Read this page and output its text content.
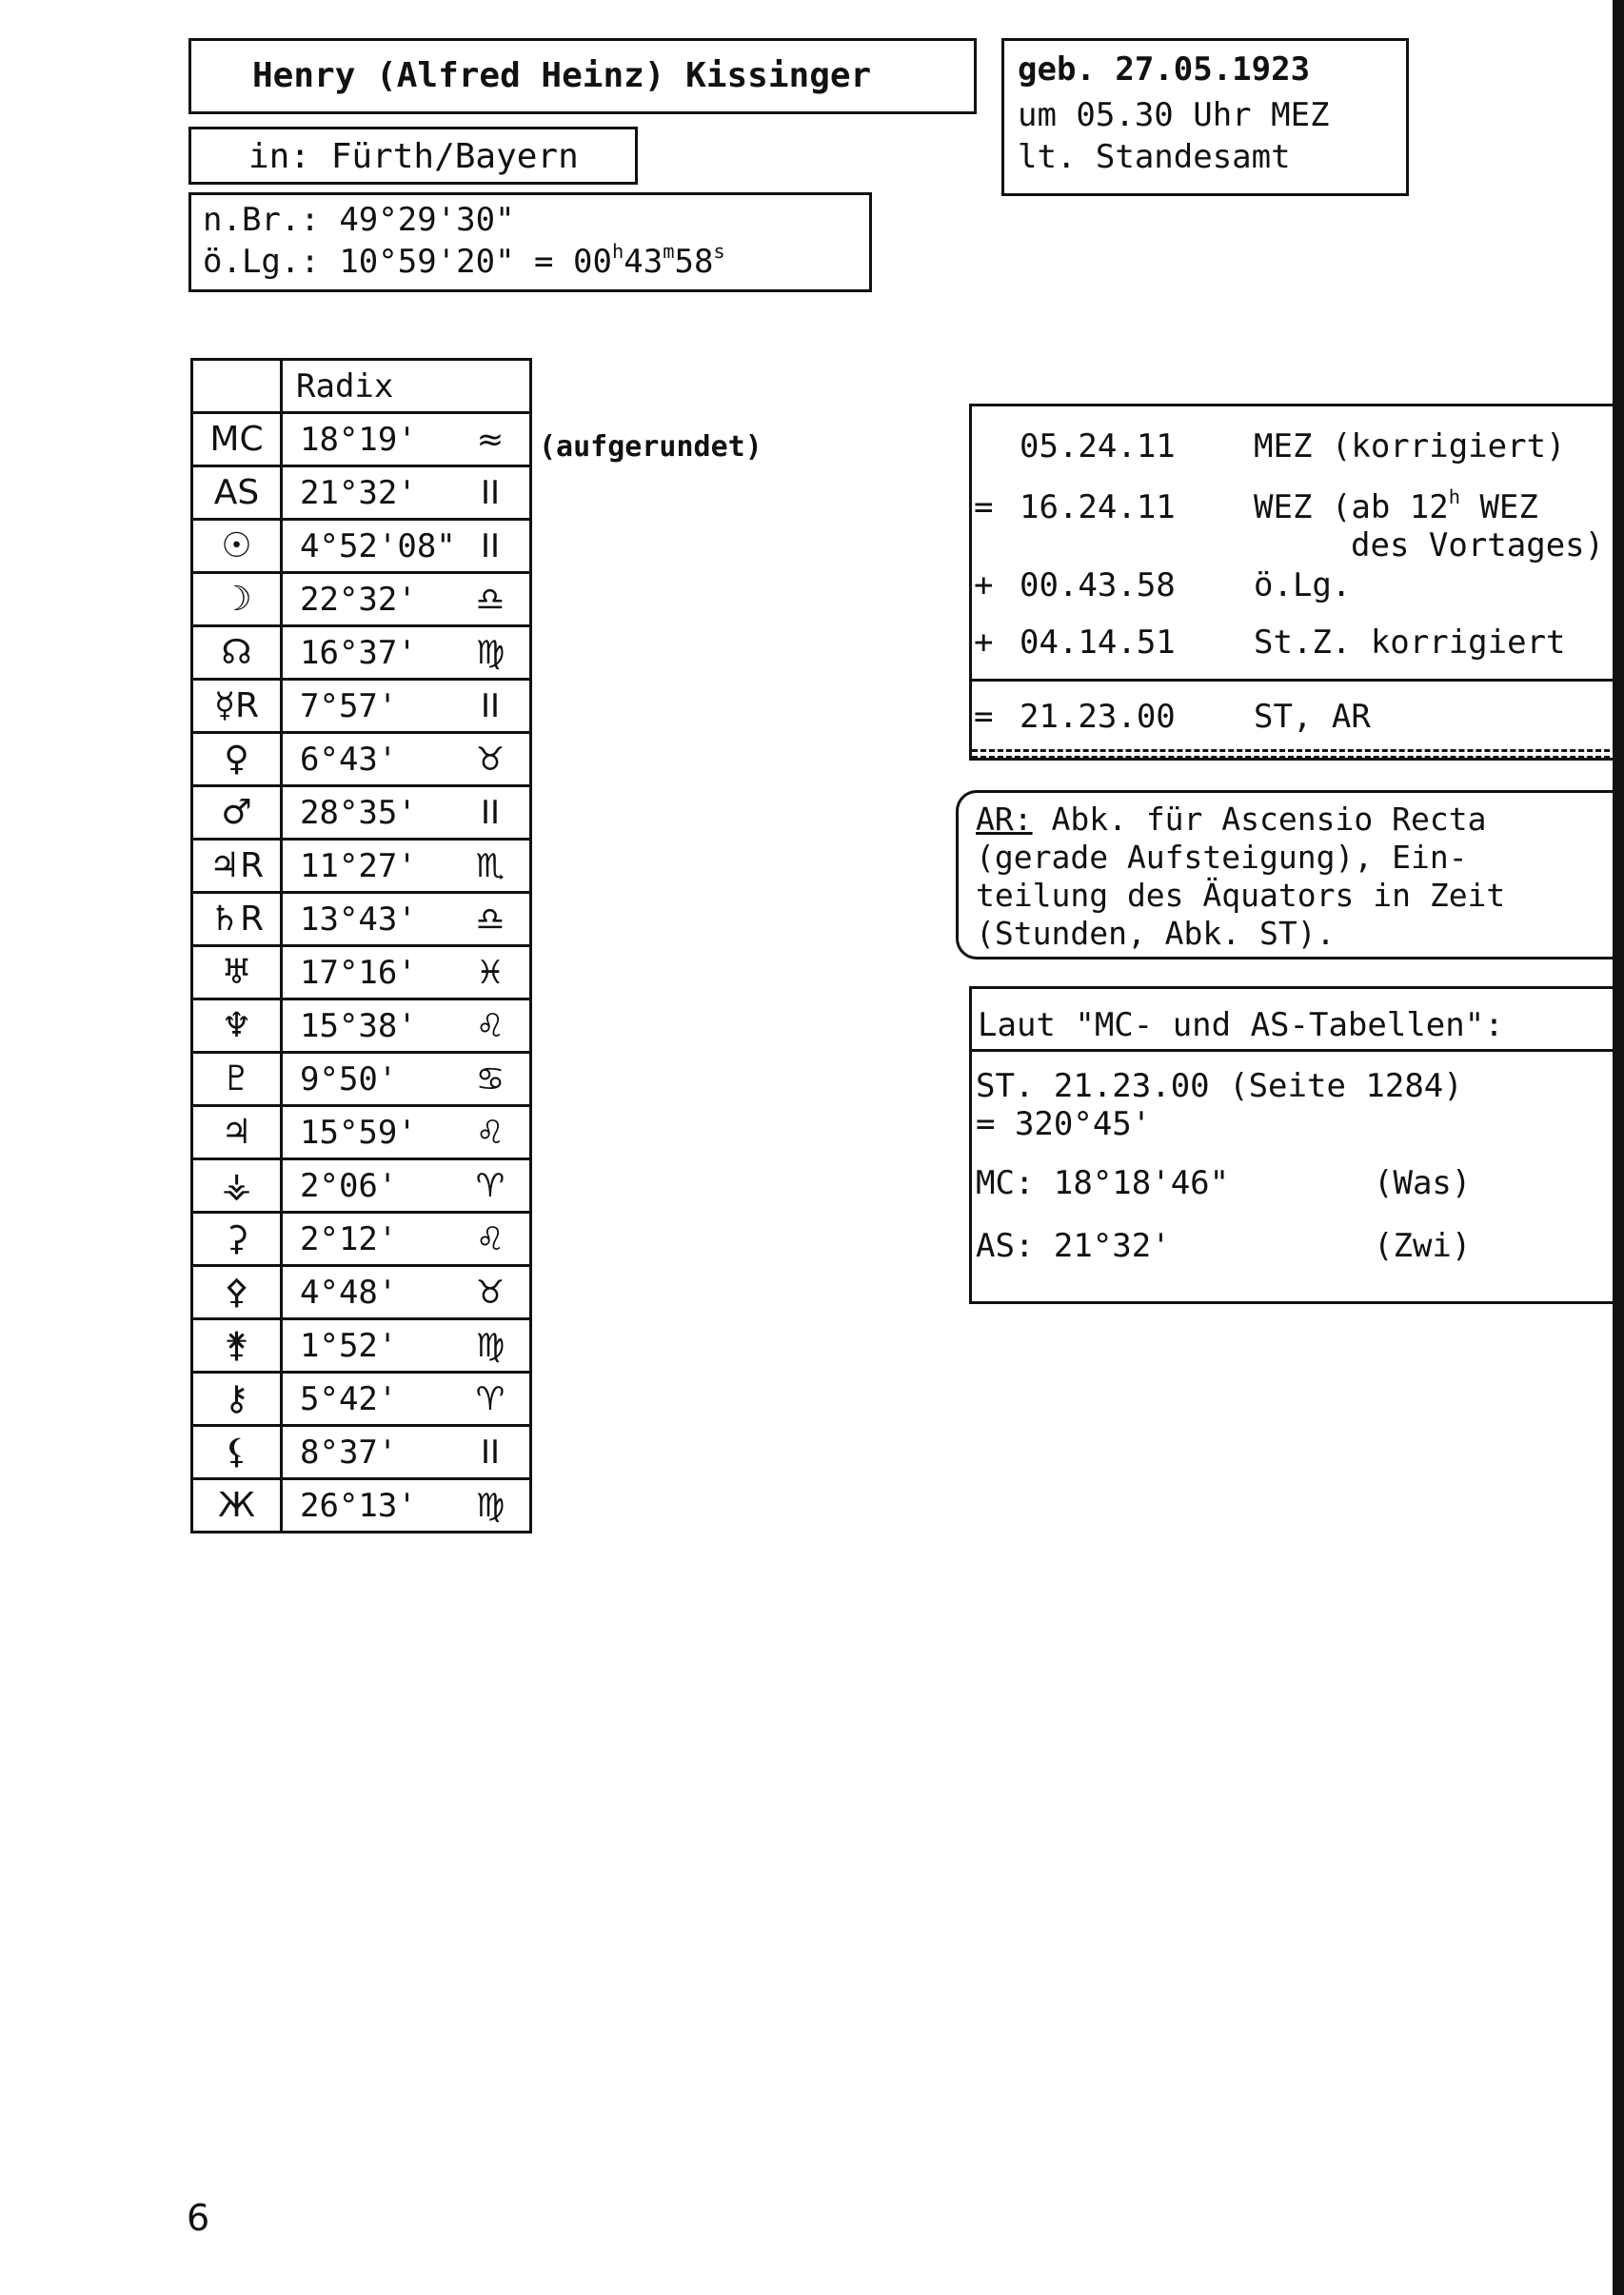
Henry (Alfred Heinz) Kissinger
in: Fürth/Bayern
n.Br.: 49°29'30"
ö.Lg.: 10°59'20" = $00^h43^m58^s$
geb. 27.05.1923
um 05.30 Uhr MEZ
lt. Standesamt
	Radix
MC	18°19' ≈
AS	21°32' II
☉	4°52'08" II
☽	22°32' ♎
☊	16°37' ♍
☿R	7°57' II
♀	6°43' ♉
♂	28°35' II
♃R	11°27' ♏
♄R	13°43' ♎
♅	17°16' ♓
♆	15°38' ♌
♇	9°50' ♋
♃	15°59' ♌
⚶	2°06' ♈
⚳	2°12' ♌
⚴	4°48' ♉
⚵	1°52' ♍
⚷	5°42' ♈
⚸	8°37' II
Ж	26°13' ♍
(aufgerundet)	05.24.11 MEZ (korrigiert)
= 16.24.11 WEZ (ab 12$^h$ WEZ
des Vortages)
+ 00.43.58 ö.Lg.
+ 04.14.51 St.Z. korrigiert
= 21.23.00 ST, AR
AR: Abk. für Ascensio Recta
(gerade Aufsteigung), Ein-
teilung des Äquators in Zeit
(Stunden, Abk. ST).
Laut "MC- und AS-Tabellen":
ST. 21.23.00 (Seite 1284)
= 320°45'
MC: 18°18'46"	(Was)
AS: 21°32'	(Zwi)
6
